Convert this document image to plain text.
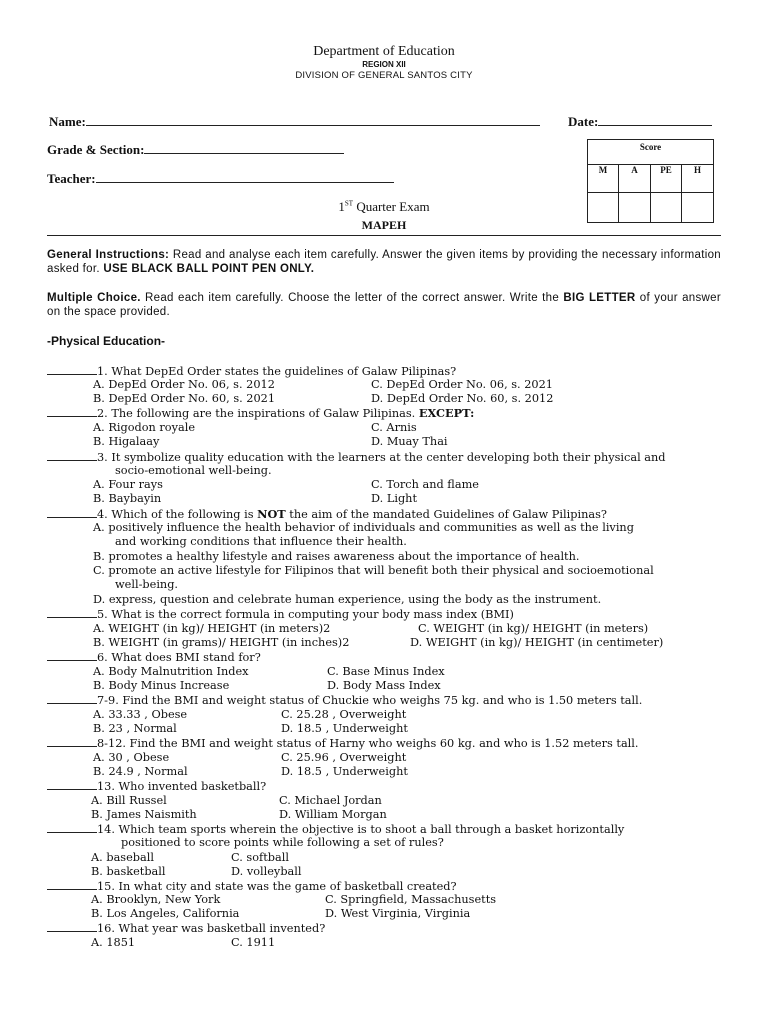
Department of Education
REGION XII
DIVISION OF GENERAL SANTOS CITY
Name:	Date:
Grade & Section:
Teacher:
Score			
M	A	PE	H

1ST Quarter Exam
MAPEH
General Instructions: Read and analyse each item carefully. Answer the given items by providing the necessary information asked for. USE BLACK BALL POINT PEN ONLY.
Multiple Choice. Read each item carefully. Choose the letter of the correct answer. Write the BIG LETTER of your answer on the space provided.
-Physical Education-
1. What DepEd Order states the guidelines of Galaw Pilipinas?
A. DepEd Order No. 06, s. 2012	C. DepEd Order No. 06, s. 2021
B. DepEd Order No. 60, s. 2021	D. DepEd Order No. 60, s. 2012
2. The following are the inspirations of Galaw Pilipinas. EXCEPT:
A. Rigodon royale	C. Arnis
B. Higalaay	D. Muay Thai
3. It symbolize quality education with the learners at the center developing both their physical and
socio-emotional well-being.
A. Four rays	C. Torch and flame
B. Baybayin	D. Light
4. Which of the following is NOT the aim of the mandated Guidelines of Galaw Pilipinas?
A. positively influence the health behavior of individuals and communities as well as the living
and working conditions that influence their health.
B. promotes a healthy lifestyle and raises awareness about the importance of health.
C. promote an active lifestyle for Filipinos that will benefit both their physical and socioemotional
well-being.
D. express, question and celebrate human experience, using the body as the instrument.
5. What is the correct formula in computing your body mass index (BMI)
A. WEIGHT (in kg)/ HEIGHT (in meters)2	C. WEIGHT (in kg)/ HEIGHT (in meters)
B. WEIGHT (in grams)/ HEIGHT (in inches)2	D. WEIGHT (in kg)/ HEIGHT (in centimeter)
6. What does BMI stand for?
A. Body Malnutrition Index	C. Base Minus Index
B. Body Minus Increase	D. Body Mass Index
7-9. Find the BMI and weight status of Chuckie who weighs 75 kg. and who is 1.50 meters tall.
A. 33.33 , Obese	C. 25.28 , Overweight
B. 23 , Normal	D. 18.5 , Underweight
8-12. Find the BMI and weight status of Harny who weighs 60 kg. and who is 1.52 meters tall.
A. 30 , Obese	C. 25.96 , Overweight
B. 24.9 , Normal	D. 18.5 , Underweight
13. Who invented basketball?
A. Bill Russel	C. Michael Jordan
B. James Naismith	D. William Morgan
14. Which team sports wherein the objective is to shoot a ball through a basket horizontally
positioned to score points while following a set of rules?
A. baseball	C. softball
B. basketball	D. volleyball
15. In what city and state was the game of basketball created?
A. Brooklyn, New York	C. Springfield, Massachusetts
B. Los Angeles, California	D. West Virginia, Virginia
16. What year was basketball invented?
A. 1851	C. 1911
